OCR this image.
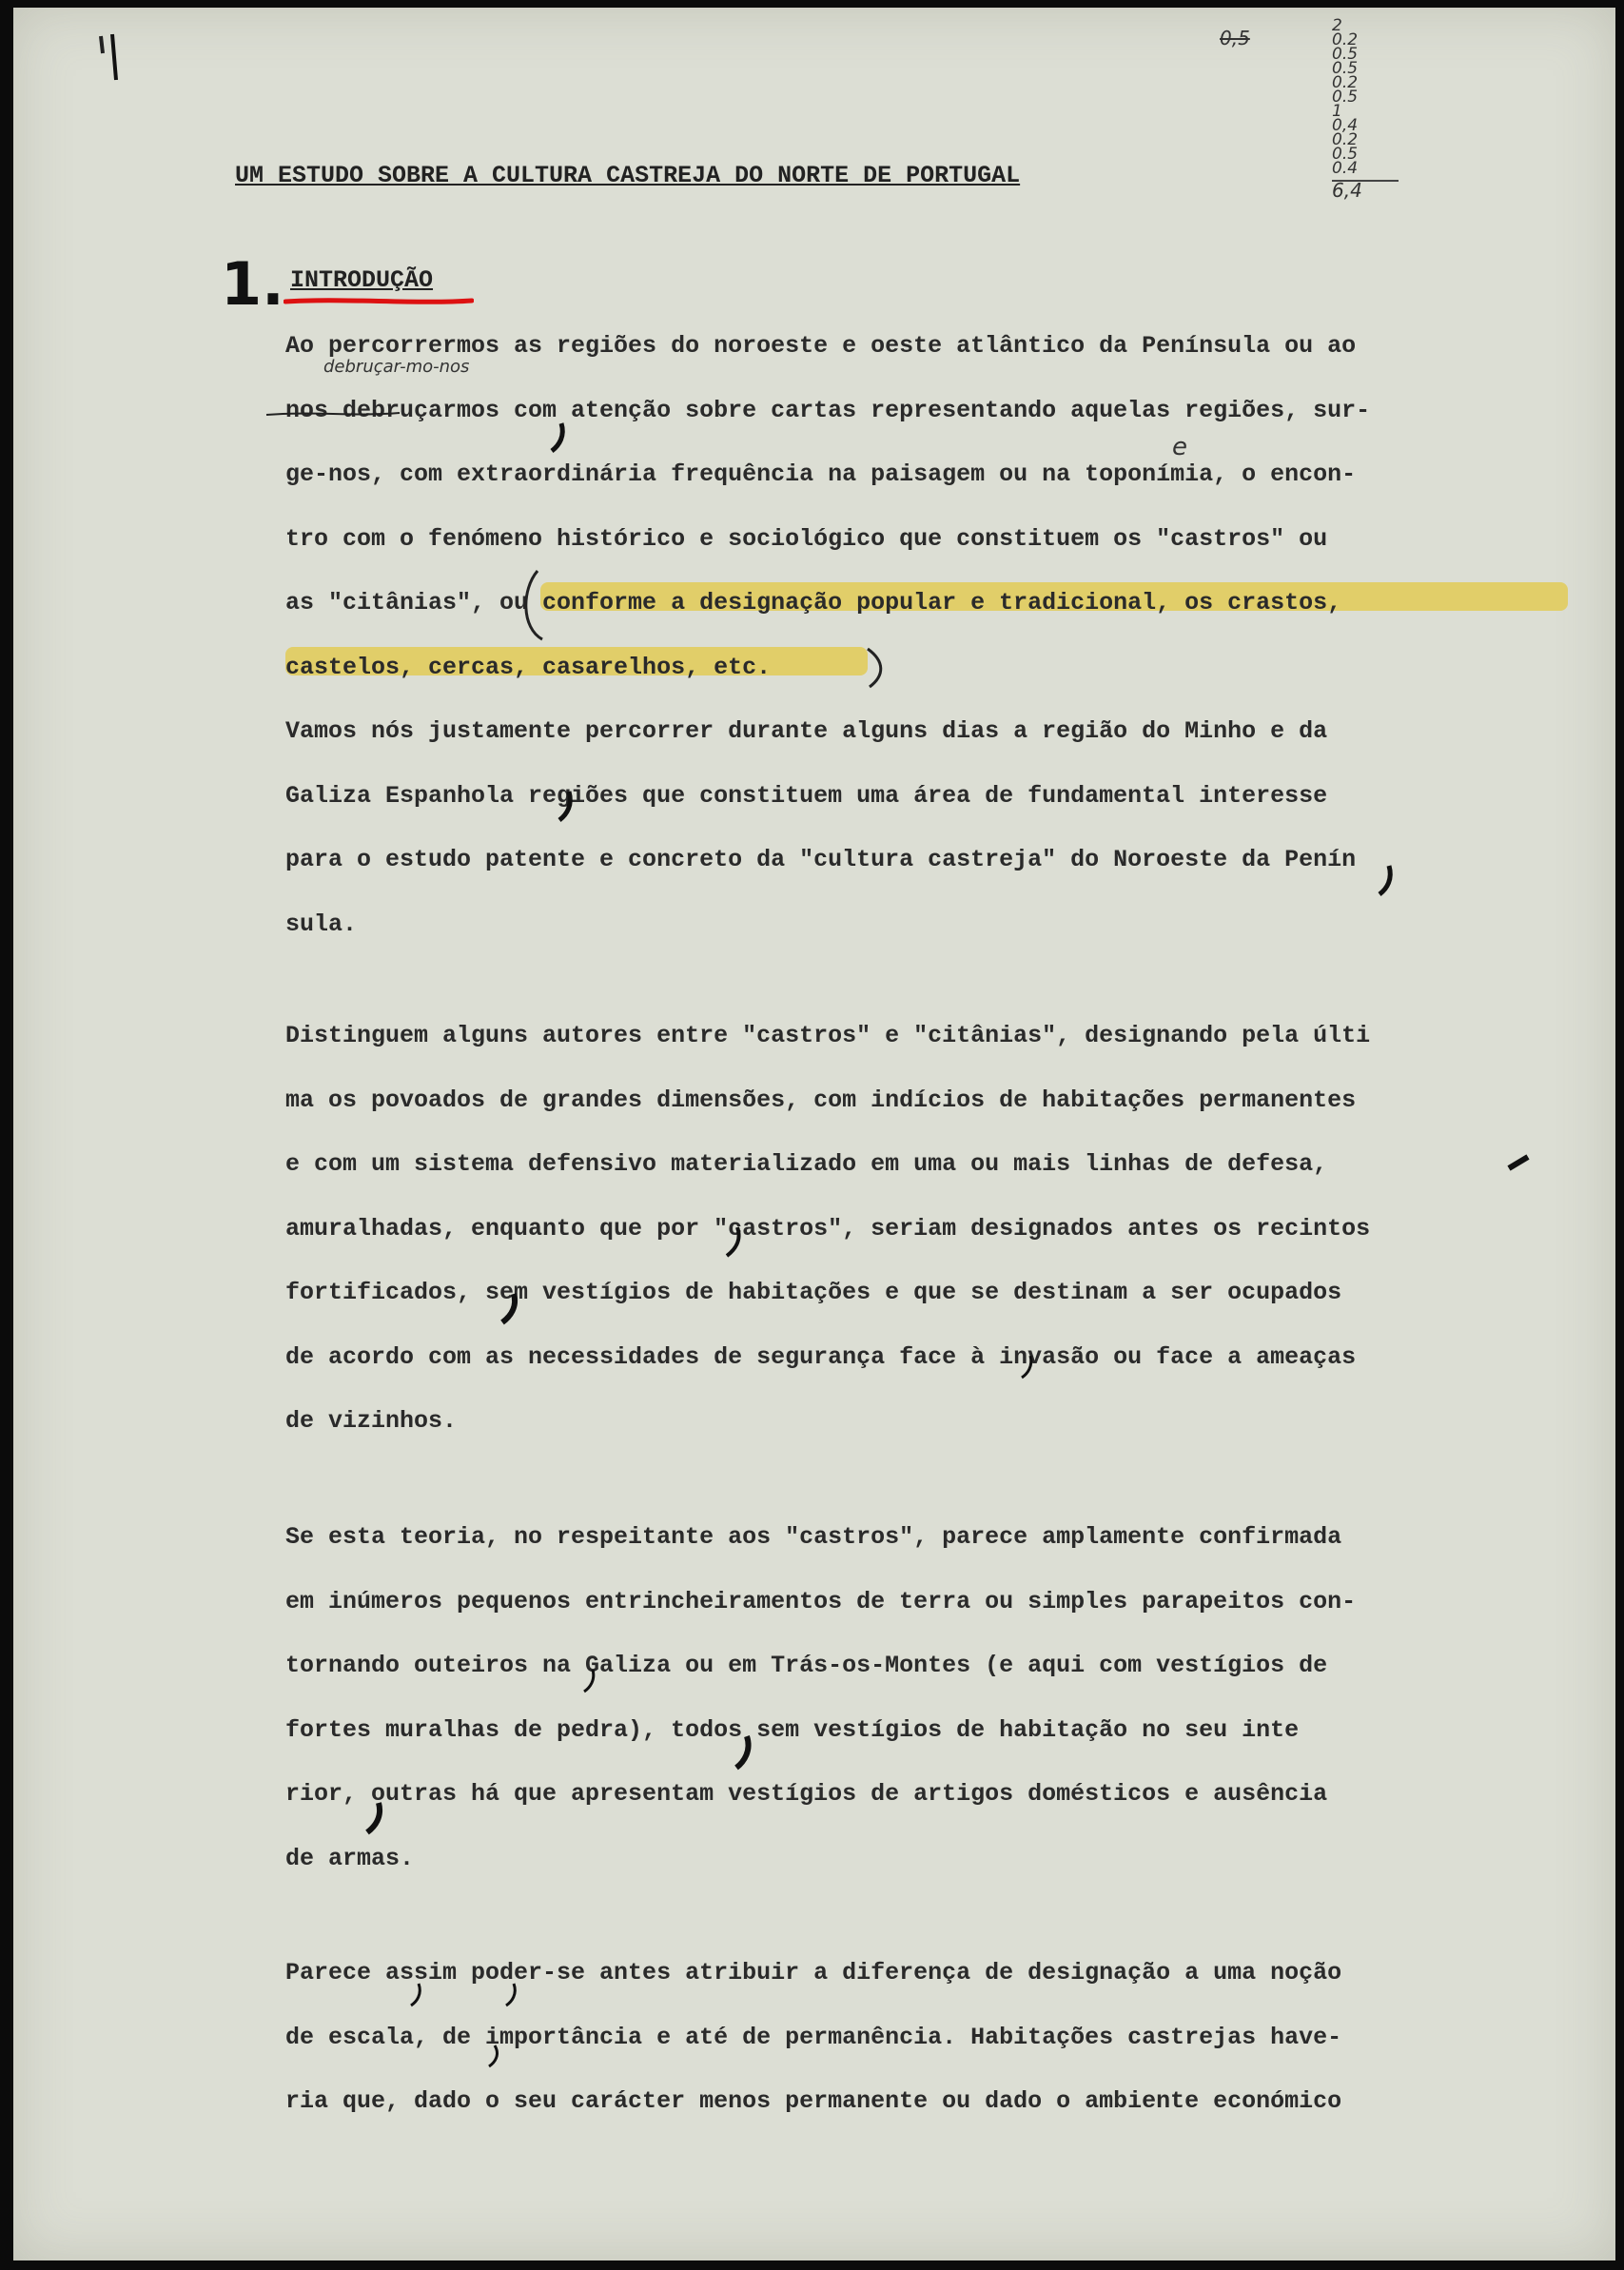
0,5
2
0.2
0.5
0.5
0.2
0.5
1
0,4
0.2
0.5
0.4
6,4
UM ESTUDO SOBRE A CULTURA CASTREJA DO NORTE DE PORTUGAL
1. INTRODUÇÃO
debruçar-mo-nos
e
Ao percorrermos as regiões do noroeste e oeste atlântico da Península ou ao
nos debruçarmos com atenção sobre cartas representando aquelas regiões, sur-
ge-nos, com extraordinária frequência na paisagem ou na toponímia, o encon-
tro com o fenómeno histórico e sociológico que constituem os "castros" ou
as "citânias", ou conforme a designação popular e tradicional, os crastos,
castelos, cercas, casarelhos, etc.
Vamos nós justamente percorrer durante alguns dias a região do Minho e da
Galiza Espanhola regiões que constituem uma área de fundamental interesse
para o estudo patente e concreto da "cultura castreja" do Noroeste da Penín
sula.
Distinguem alguns autores entre "castros" e "citânias", designando pela últi
ma os povoados de grandes dimensões, com indícios de habitações permanentes
e com um sistema defensivo materializado em uma ou mais linhas de defesa,
amuralhadas, enquanto que por "castros", seriam designados antes os recintos
fortificados, sem vestígios de habitações e que se destinam a ser ocupados
de acordo com as necessidades de segurança face à invasão ou face a ameaças
de vizinhos.
Se esta teoria, no respeitante aos "castros", parece amplamente confirmada
em inúmeros pequenos entrincheiramentos de terra ou simples parapeitos con-
tornando outeiros na Galiza ou em Trás-os-Montes (e aqui com vestígios de
fortes muralhas de pedra), todos sem vestígios de habitação no seu inte
rior, outras há que apresentam vestígios de artigos domésticos e ausência
de armas.
Parece assim poder-se antes atribuir a diferença de designação a uma noção
de escala, de importância e até de permanência. Habitações castrejas have-
ria que, dado o seu carácter menos permanente ou dado o ambiente económico
